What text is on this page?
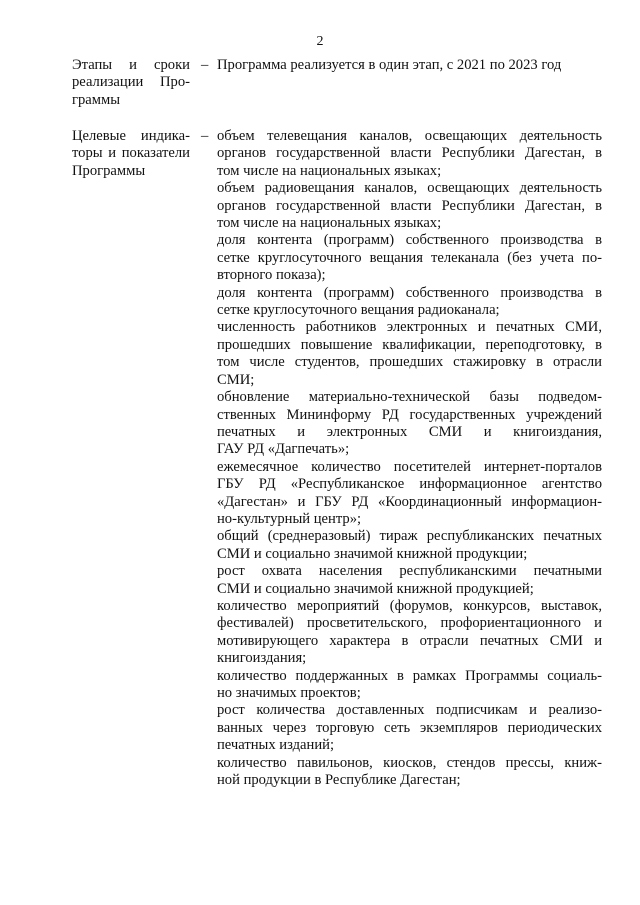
2
Этапы и сроки
реализации Про-
граммы
– Программа реализуется в один этап, с 2021 по 2023 год
Целевые индика-
торы и показатели
Программы
– объем телевещания каналов, освещающих деятельность
органов государственной власти Республики Дагестан, в
том числе на национальных языках;
объем радиовещания каналов, освещающих деятельность
органов государственной власти Республики Дагестан, в
том числе на национальных языках;
доля контента (программ) собственного производства в
сетке круглосуточного вещания телеканала (без учета по-
вторного показа);
доля контента (программ) собственного производства в
сетке круглосуточного вещания радиоканала;
численность работников электронных и печатных СМИ,
прошедших повышение квалификации, переподготовку, в
том числе студентов, прошедших стажировку в отрасли
СМИ;
обновление материально-технической базы подведом-
ственных Мининформу РД государственных учреждений
печатных и электронных СМИ и книгоиздания,
ГАУ РД «Дагпечать»;
ежемесячное количество посетителей интернет-порталов
ГБУ РД «Республиканское информационное агентство
«Дагестан» и ГБУ РД «Координационный информацион-
но-культурный центр»;
общий (среднеразовый) тираж республиканских печатных
СМИ и социально значимой книжной продукции;
рост охвата населения республиканскими печатными
СМИ и социально значимой книжной продукцией;
количество мероприятий (форумов, конкурсов, выставок,
фестивалей) просветительского, профориентационного и
мотивирующего характера в отрасли печатных СМИ и
книгоиздания;
количество поддержанных в рамках Программы социаль-
но значимых проектов;
рост количества доставленных подписчикам и реализо-
ванных через торговую сеть экземпляров периодических
печатных изданий;
количество павильонов, киосков, стендов прессы, книж-
ной продукции в Республике Дагестан;
